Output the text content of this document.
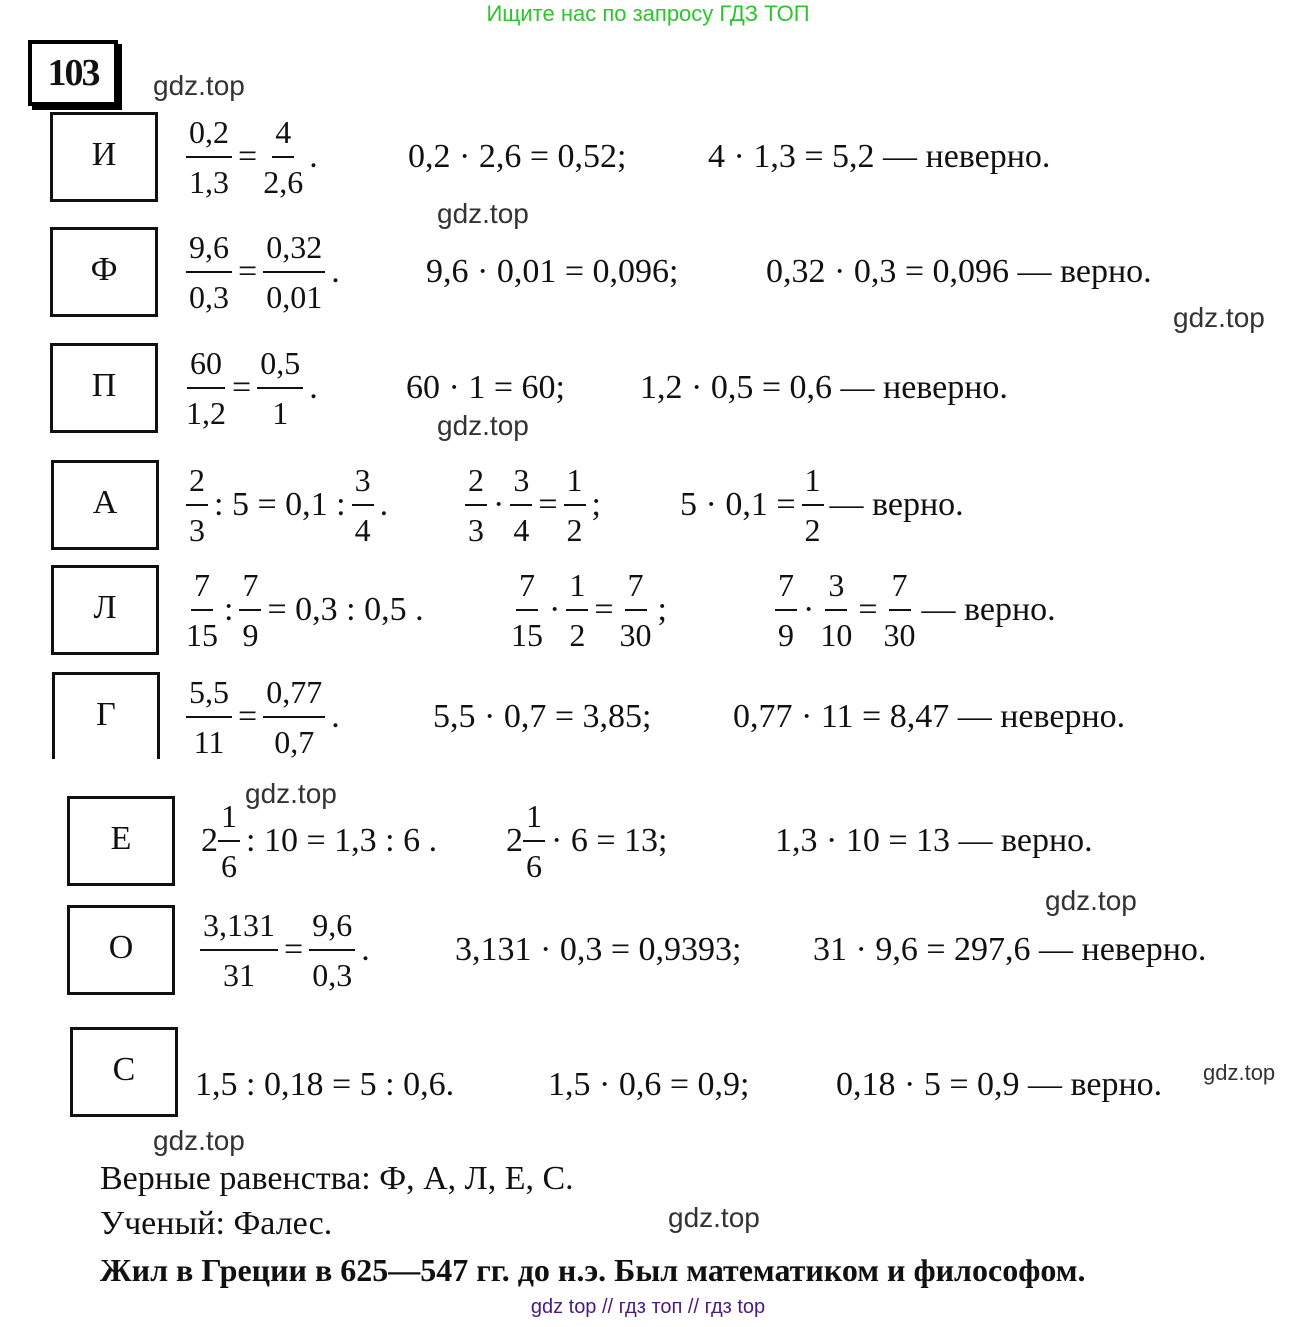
Ищите нас по запросу ГДЗ ТОП
103
И	$\frac{0,2}{1,3} = \frac{4}{2,6}$ .	0,2 · 2,6 = 0,52; 4 · 1,3 = 5,2 — неверно.
Ф	$\frac{9,6}{0,3} = \frac{0,32}{0,01}$ .	9,6 · 0,01 = 0,096;	0,32 · 0,3 = 0,096 — верно.
П	$\frac{60}{1,2} = \frac{0,5}{1}$ .	60 · 1 = 60; 1,2 · 0,5 = 0,6 — неверно.
А	$\frac{2}{3}$ : 5 = 0,1 : $\frac{3}{4}$ . $\frac{2}{3} \cdot \frac{3}{4} = \frac{1}{2}$ ; $5 \cdot 0,1 = \frac{1}{2}$ — верно.
Л	$\frac{7}{15}$ : $\frac{7}{9} = 0,3$ : 0,5 .	$\frac{7}{15} \cdot \frac{1}{2} = \frac{7}{30}$ ;	$\frac{7}{9} \cdot \frac{3}{10} = \frac{7}{30}$ — верно.
Г	$\frac{5,5}{11} = \frac{0,77}{0,7}$ .	5,5 · 0,7 = 3,85; 0,77 · 11 = 8,47 — неверно.
Е	$2 \frac{1}{6}$ : 10 = 1,3 : 6 . $2 \frac{1}{6} \cdot 6 = 13$;	1,3 · 10 = 13 — верно.
О	$\frac{3,131}{31} = \frac{9,6}{0,3}$ .	3,131 · 0,3 = 0,9393; 31 · 9,6 = 297,6 — неверно.
С	1,5 : 0,18 = 5 : 0,6.	1,5 · 0,6 = 0,9;	0,18 · 5 = 0,9 — верно.
gdz.top
gdz.top
gdz.top
gdz.top
gdz.top
gdz.top
gdz.top
gdz.top
gdz.top
Верные равенства: Ф, А, Л, Е, С.
Ученый: Фалес.
Жил в Греции в 625—547 гг. до н.э. Был математиком и философом.
gdz top // гдз топ // гдз top
